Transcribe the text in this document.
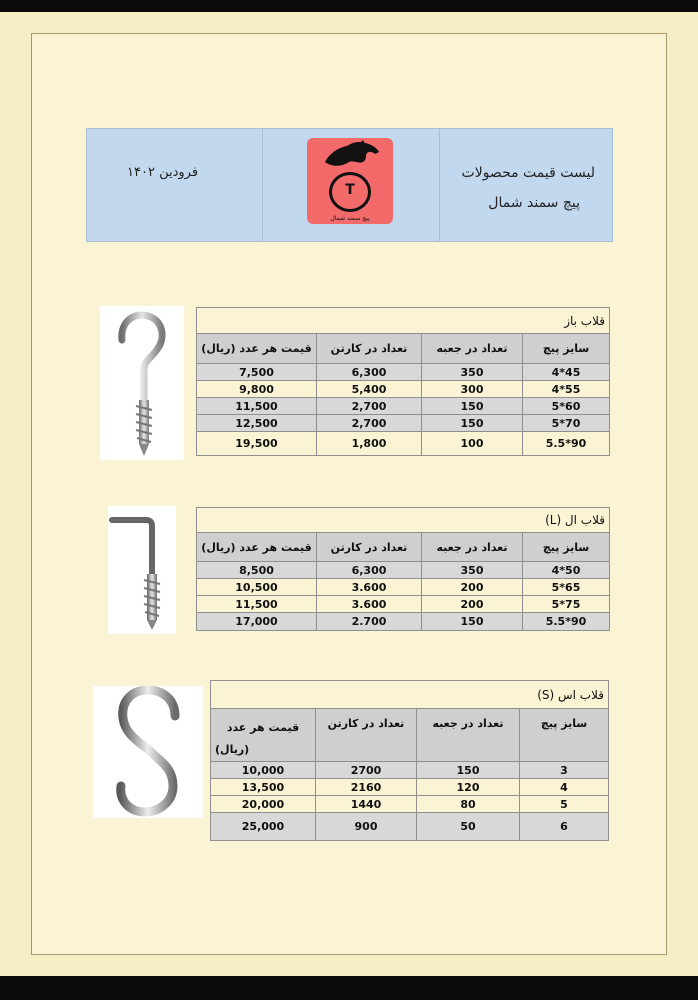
لیست قیمت محصولات
پیچ سمند شمال
فرودین ۱۴۰۲
T
پیچ سمند شمال
قلاب باز			
سایز پیچ	تعداد در جعبه	تعداد در کارتن	قیمت هر عدد (ریال)
4*45	350	6,300	7,500
4*55	300	5,400	9,800
5*60	150	2,700	11,500
5*70	150	2,700	12,500
5.5*90	100	1,800	19,500
قلاب ال (L)			
سایز پیچ	تعداد در جعبه	تعداد در کارتن	قیمت هر عدد (ریال)
4*50	350	6,300	8,500
5*65	200	3.600	10,500
5*75	200	3.600	11,500
5.5*90	150	2.700	17,000
قلاب اس (S)			
سایز پیچ	تعداد در جعبه	تعداد در کارتن	قیمت هر عدد
(ریال)

3	150	2700	10,000
4	120	2160	13,500
5	80	1440	20,000
6	50	900	25,000
